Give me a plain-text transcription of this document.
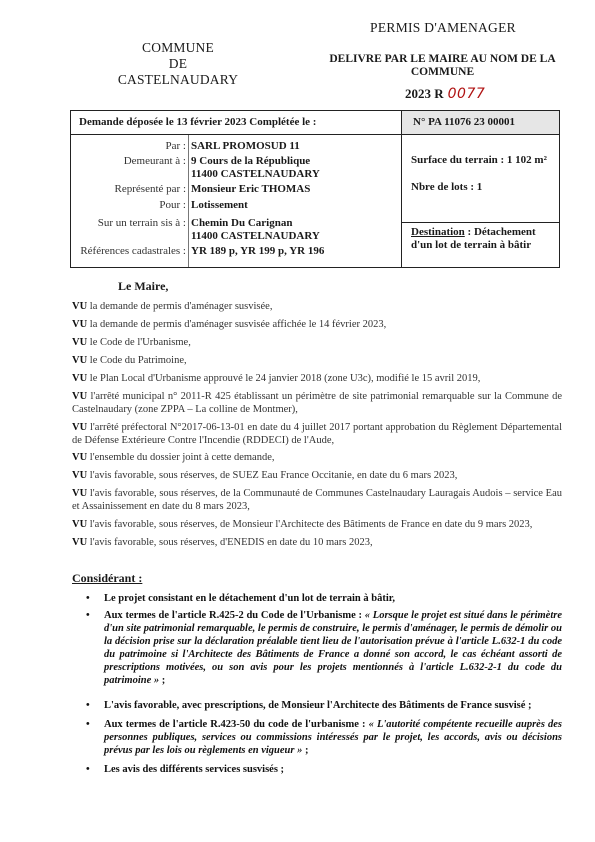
COMMUNE
DE
CASTELNAUDARY
PERMIS D'AMENAGER
DELIVRE PAR LE MAIRE AU NOM DE LA
COMMUNE
2023 R 0077
Demande déposée le 13 février 2023 Complétée le :	N° PA 11076 23 00001
Par : SARL PROMOSUD 11
Demeurant à : 9 Cours de la République
11400 CASTELNAUDARY
Représenté par : Monsieur Eric THOMAS
Pour : Lotissement
Sur un terrain sis à : Chemin Du Carignan
11400 CASTELNAUDARY
Références cadastrales : YR 189 p, YR 199 p, YR 196
Surface du terrain : 1 102 m²
Nbre de lots : 1
Destination : Détachement d'un lot de terrain à bâtir
Le Maire,
VU la demande de permis d'aménager susvisée,
VU la demande de permis d'aménager susvisée affichée le 14 février 2023,
VU le Code de l'Urbanisme,
VU le Code du Patrimoine,
VU le Plan Local d'Urbanisme approuvé le 24 janvier 2018 (zone U3c), modifié le 15 avril 2019,
VU l'arrêté municipal n° 2011-R 425 établissant un périmètre de site patrimonial remarquable sur la Commune de Castelnaudary (zone ZPPA – La colline de Montmer),
VU l'arrêté préfectoral N°2017-06-13-01 en date du 4 juillet 2017 portant approbation du Règlement Départemental de Défense Extérieure Contre l'Incendie (RDDECI) de l'Aude,
VU l'ensemble du dossier joint à cette demande,
VU l'avis favorable, sous réserves, de SUEZ Eau France Occitanie, en date du 6 mars 2023,
VU l'avis favorable, sous réserves, de la Communauté de Communes Castelnaudary Lauragais Audois – service Eau et Assainissement en date du 8 mars 2023,
VU l'avis favorable, sous réserves, de Monsieur l'Architecte des Bâtiments de France en date du 9 mars 2023,
VU l'avis favorable, sous réserves, d'ENEDIS en date du 10 mars 2023,
Considérant :
• Le projet consistant en le détachement d'un lot de terrain à bâtir,
• Aux termes de l'article R.425-2 du Code de l'Urbanisme : « Lorsque le projet est situé dans le périmètre d'un site patrimonial remarquable, le permis de construire, le permis d'aménager, le permis de démolir ou la décision prise sur la déclaration préalable tient lieu de l'autorisation prévue à l'article L.632-1 du code du patrimoine si l'Architecte des Bâtiments de France a donné son accord, le cas échéant assorti de prescriptions motivées, ou son avis pour les projets mentionnés à l'article L.632-2-1 du code du patrimoine » ;
• L'avis favorable, avec prescriptions, de Monsieur l'Architecte des Bâtiments de France susvisé ;
• Aux termes de l'article R.423-50 du code de l'urbanisme : « L'autorité compétente recueille auprès des personnes publiques, services ou commissions intéressés par le projet, les accords, avis ou décisions prévus par les lois ou règlements en vigueur » ;
• Les avis des différents services susvisés ;
